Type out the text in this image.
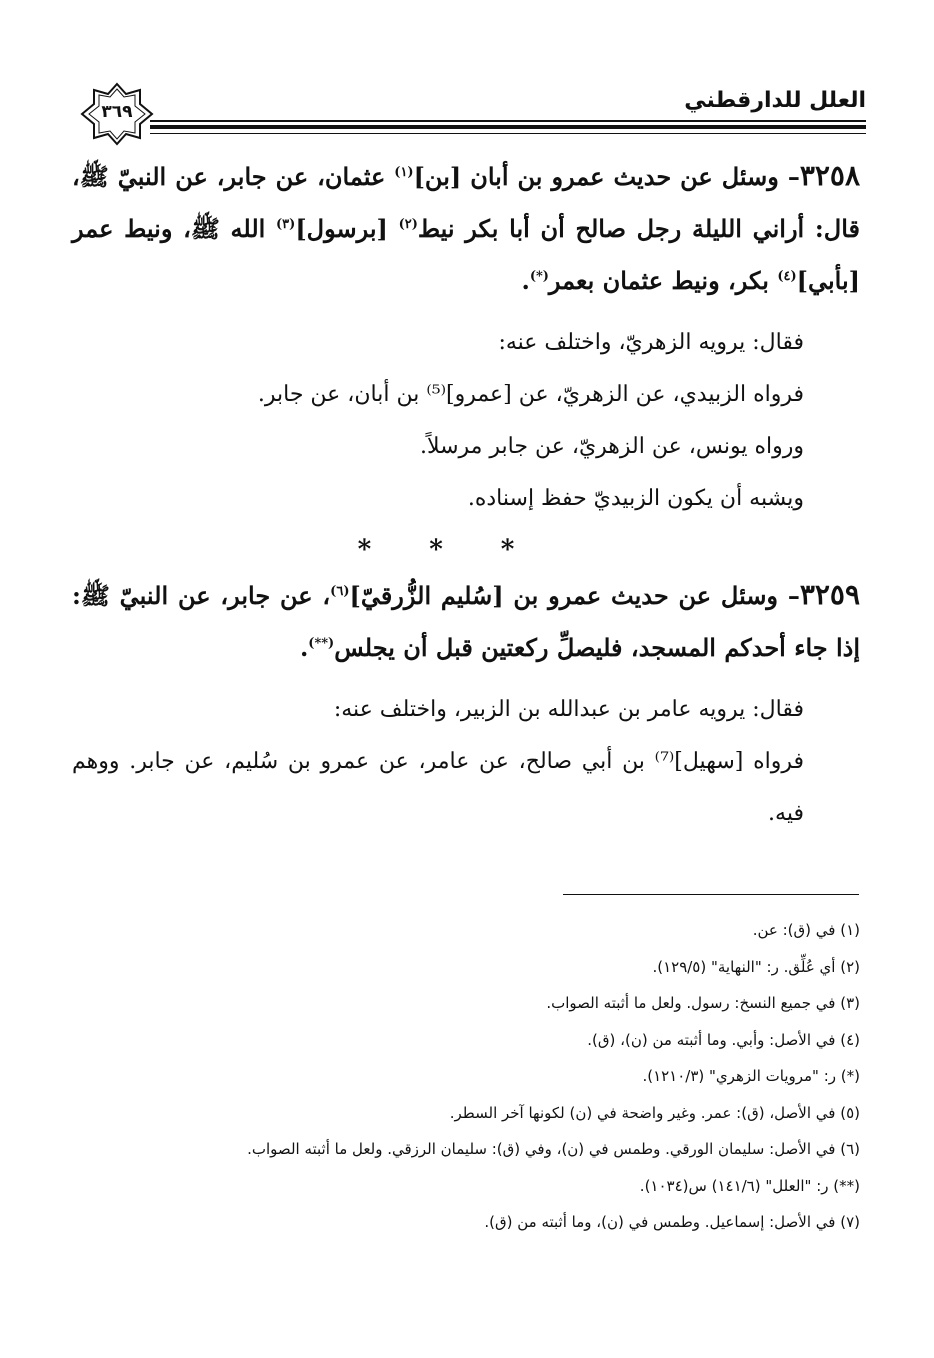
العلل للدارقطني
٣٦٩

٣٢٥٨– وسئل عن حديث عمرو بن أبان [بن]$^{(١)}$ عثمان، عن جابر، عن النبيّ ﷺ، قال: أراني الليلة رجل صالح أن أبا بكر نيط$^{(٢)}$ [برسول]$^{(٣)}$ الله ﷺ، ونيط عمر [بأبي]$^{(٤)}$ بكر، ونيط عثمان بعمر(*).

فقال: يرويه الزهريّ، واختلف عنه:

فرواه الزبيدي، عن الزهريّ، عن [عمرو]⁽⁵⁾ بن أبان، عن جابر.

ورواه يونس، عن الزهريّ، عن جابر مرسلاً.

ويشبه أن يكون الزبيديّ حفظ إسناده.

* * *

٣٢٥٩– وسئل عن حديث عمرو بن [سُليم الزُّرقيّ]$^{(٦)}$، عن جابر، عن النبيّ ﷺ: إذا جاء أحدكم المسجد، فليصلِّ ركعتين قبل أن يجلس(**).

فقال: يرويه عامر بن عبدالله بن الزبير، واختلف عنه:

فرواه [سهيل]⁽⁷⁾ بن أبي صالح، عن عامر، عن عمرو بن سُليم، عن جابر. ووهم فيه.

(١) في (ق): عن.

(٢) أي عُلِّق. ر: "النهاية" (١٢٩/٥).

(٣) في جميع النسخ: رسول. ولعل ما أثبته الصواب.

(٤) في الأصل: وأبي. وما أثبته من (ن)، (ق).

(*) ر: "مرويات الزهري" (١٢١٠/٣).

(٥) في الأصل، (ق): عمر. وغير واضحة في (ن) لكونها آخر السطر.

(٦) في الأصل: سليمان الورقي. وطمس في (ن)، وفي (ق): سليمان الرزقي. ولعل ما أثبته الصواب.

(**) ر: "العلل" (١٤١/٦) س(١٠٣٤).

(٧) في الأصل: إسماعيل. وطمس في (ن)، وما أثبته من (ق).
